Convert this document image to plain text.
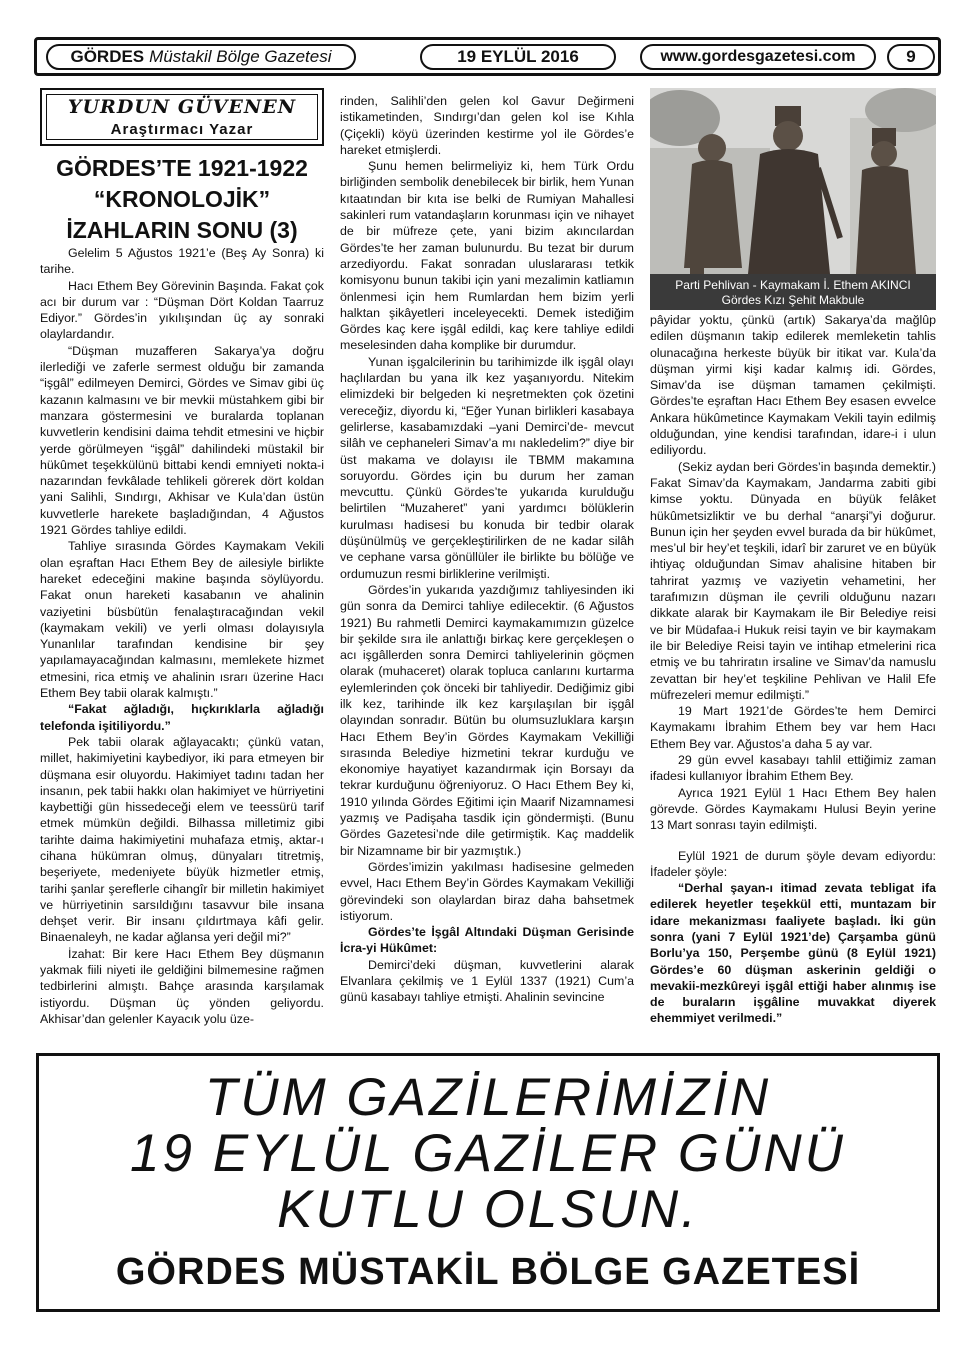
GÖRDES Müstakil Bölge Gazetesi	19 EYLÜL 2016	www.gordesgazetesi.com	9
YURDUN GÜVENEN
Araştırmacı Yazar
GÖRDES’TE 1921-1922
“KRONOLOJİK”
İZAHLARIN SONU (3)

Gelelim 5 Ağustos 1921’e (Beş Ay Sonra) ki tarihe.

Hacı Ethem Bey Görevinin Başında. Fakat çok acı bir durum var : “Düşman Dört Koldan Taarruz Ediyor.” Gördes’in yıkılışından üç ay sonraki olaylardandır.

“Düşman muzafferen Sakarya’ya doğru ilerlediği ve zaferle sermest olduğu bir zamanda “işgâl” edilmeyen Demirci, Gördes ve Simav gibi üç kazanın kalmasını ve bir mevkii müstahkem gibi bir manzara göstermesini ve buralarda toplanan kuvvetlerin kendisini daima tehdit etmesini ve hiçbir yerde görülmeyen “işgâl” dahilindeki müstakil bir hükûmet teşekkülünü bittabi kendi emniyeti nokta-i nazarından fevkâlade tehlikeli görerek dört koldan yani Salihli, Sındırgı, Akhisar ve Kula’dan üstün kuvvetlerle harekete başladığından, 4 Ağustos 1921 Gördes tahliye edildi.

Tahliye sırasında Gördes Kaymakam Vekili olan eşraftan Hacı Ethem Bey de ailesiyle birlikte hareket edeceğini makine başında söylüyordu. Fakat onun hareketi kasabanın ve ahalinin vaziyetini büsbütün fenalaştıracağından vekil (kaymakam vekili) ve yerli olması dolayısıyla Yunanlılar tarafından kendisine bir şey yapılamayacağından kalmasını, memlekete hizmet etmesini, rica etmiş ve ahalinin ısrarı üzerine Hacı Ethem Bey tabii olarak kalmıştı.”

“Fakat ağladığı, hıçkırıklarla ağladığı telefonda işitiliyordu.”

Pek tabii olarak ağlayacaktı; çünkü vatan, millet, hakimiyetini kaybediyor, iki para etmeyen bir düşmana esir oluyordu. Hakimiyet tadını tadan her insanın, pek tabii hakkı olan hakimiyet ve hürriyetini kaybettiği gün hissedeceği elem ve teessürü tarif etmek mümkün değildi. Bilhassa milletimiz gibi tarihte daima hakimiyetini muhafaza etmiş, aktar-ı cihana hükümran olmuş, dünyaları titretmiş, beşeriyete, medeniyete büyük hizmetler etmiş, tarihi şanlar şereflerle cihangîr bir milletin hakimiyet ve hürriyetinin sarsıldığını tasavvur bile insana dehşet verir. Bir insanı çıldırtmaya kâfi gelir. Binaenaleyh, ne kadar ağlansa yeri değil mi?”

İzahat: Bir kere Hacı Ethem Bey düşmanın yakmak fiili niyeti ile geldiğini bilmemesine rağmen tedbirlerini almıştı. Bahçe arasında karşılamak istiyordu. Düşman üç yönden geliyordu. Akhisar’dan gelenler Kayacık yolu üze-

rinden, Salihli’den gelen kol Gavur Değirmeni istikametinden, Sındırgı’dan gelen kol ise Kıhla (Çiçekli) köyü üzerinden kestirme yol ile Gördes’e hareket etmişlerdi.

Şunu hemen belirmeliyiz ki, hem Türk Ordu birliğinden sembolik denebilecek bir birlik, hem Yunan kıtaatından bir kıta ise belki de Rumiyan Mahallesi sakinleri rum vatandaşların korunması için ve nihayet de bir müfreze çete, yani bizim akıncılardan Gördes’te her zaman bulunurdu. Bu tezat bir durum arzediyordu. Fakat sonradan uluslararası tetkik komisyonu bunun takibi için yani mezalimin katliamın önlenmesi için hem Rumlardan hem bizim yerli halktan şikâyetleri inceleyecekti. Demek istediğim Gördes kaç kere işgâl edildi, kaç kere tahliye edildi meselesinden daha komplike bir durumdur.

Yunan işgalcilerinin bu tarihimizde ilk işgâl olayı haçlılardan bu yana ilk kez yaşanıyordu. Nitekim elimizdeki bir belgeden ki neşretmekten çok özetini vereceğiz, diyordu ki, “Eğer Yunan birlikleri kasabaya gelirlerse, kasabamızdaki –yani Demirci’de- mevcut silâh ve cephaneleri Simav’a mı nakledelim?” diye bir üst makama ve dolayısı ile TBMM makamına soruyordu. Gördes için bu durum her zaman mevcuttu. Çünkü Gördes’te yukarıda kurulduğu belirtilen “Muzaheret” yani yardımcı bölüklerin kurulması hadisesi bu konuda bir tedbir olarak düşünülmüş ve gerçekleştirilirken de ne kadar silâh ve cephane varsa gönüllüler ile birlikte bu bölüğe ve ordumuzun resmi birliklerine verilmişti.

Gördes’in yukarıda yazdığımız tahliyesinden iki gün sonra da Demirci tahliye edilecektir. (6 Ağustos 1921) Bu rahmetli Demirci kaymakamımızın güzelce bir şekilde sıra ile anlattığı birkaç kere gerçekleşen o acı işgâllerden sonra Demirci tahliyelerinin göçmen olarak (muhaceret) olarak topluca canlarını kurtarma eylemlerinden çok önceki bir tahliyedir. Dediğimiz gibi ilk kez, tarihinde ilk kez karşılaşılan bir işgâl olayından sonradır. Bütün bu olumsuzluklara karşın Hacı Ethem Bey’in Gördes Kaymakam Vekilliği sırasında Belediye hizmetini tekrar kurduğu ve ekonomiye hayatiyet kazandırmak için Borsayı da tekrar kurduğunu öğreniyoruz. O Hacı Ethem Bey ki, 1910 yılında Gördes Eğitimi için Maarif Nizamnamesi yazmış ve Padişaha tasdik için göndermişti. (Bunu Gördes Gazetesi’nde dile getirmiştik. Kaç maddelik bir Nizamname bir bir yazmıştık.)

Gördes’imizin yakılması hadisesine gelmeden evvel, Hacı Ethem Bey’in Gördes Kaymakam Vekilliği görevindeki son olaylardan biraz daha bahsetmek istiyorum.

Gördes’te İşgâl Altındaki Düşman Gerisinde İcra-yi Hükûmet:

Demirci’deki düşman, kuvvetlerini alarak Elvanlara çekilmiş ve 1 Eylül 1337 (1921) Cum’a günü kasabayı tahliye etmişti. Ahalinin sevincine

Parti Pehlivan - Kaymakam İ. Ethem AKINCI
Gördes Kızı Şehit Makbule

pâyidar yoktu, çünkü (artık) Sakarya’da mağlûp edilen düşmanın takip edilerek memleketin tahlis olunacağına herkeste büyük bir itikat var. Kula’da düşman yirmi kişi kadar kalmış idi. Gördes, Simav’da ise düşman tamamen çekilmişti. Gördes’te eşraftan Hacı Ethem Bey esasen evvelce Ankara hükûmetince Kaymakam Vekili tayin edilmiş olduğundan, yine kendisi tarafından, idare-i i ulun ediliyordu.

(Sekiz aydan beri Gördes’in başında demektir.) Fakat Simav’da Kaymakam, Jandarma zabiti gibi kimse yoktu. Dünyada en büyük felâket hükûmetsizliktir ve bu derhal “anarşi”yi doğurur. Bunun için her şeyden evvel burada da bir hükûmet, mes’ul bir hey’et teşkili, idarî bir zaruret ve en büyük ihtiyaç olduğundan Simav ahalisine hitaben bir tahrirat yazmış ve vaziyetin vehametini, her tarafımızın düşman ile çevrili olduğunu nazarı dikkate alarak bir Kaymakam ile Bir Belediye reisi ve bir Müdafaa-i Hukuk reisi tayin ve bir kaymakam ile bir Belediye Reisi tayin ve intihap etmelerini rica etmiş ve bu tahriratın irsaline ve Simav’da namuslu zevattan bir hey’et teşkiline Pehlivan ve Halil Efe müfrezeleri memur edilmişti.”

19 Mart 1921’de Gördes’te hem Demirci Kaymakamı İbrahim Ethem bey var hem Hacı Ethem Bey var. Ağustos’a daha 5 ay var.

29 gün evvel kasabayı tahlil ettiğimiz zaman ifadesi kullanıyor İbrahim Ethem Bey.

Ayrıca 1921 Eylül 1 Hacı Ethem Bey halen görevde. Gördes Kaymakamı Hulusi Beyin yerine 13 Mart sonrası tayin edilmişti.

Eylül 1921 de durum şöyle devam ediyordu: İfadeler şöyle:

“Derhal şayan-ı itimad zevata tebligat ifa edilerek heyetler teşekkül etti, muntazam bir idare mekanizması faaliyete başladı. İki gün sonra (yani 7 Eylül 1921’de) Çarşamba günü Borlu’ya 150, Perşembe günü (8 Eylül 1921) Gördes’e 60 düşman askerinin geldiği o mevakii-mezkûreyi işgâl ettiği haber alınmış ise de buraların işgâline muvakkat diyerek ehemmiyet verilmedi.”

TÜM GAZİLERİMİZİN
19 EYLÜL GAZİLER GÜNÜ
KUTLU OLSUN.
GÖRDES MÜSTAKİL BÖLGE GAZETESİ
